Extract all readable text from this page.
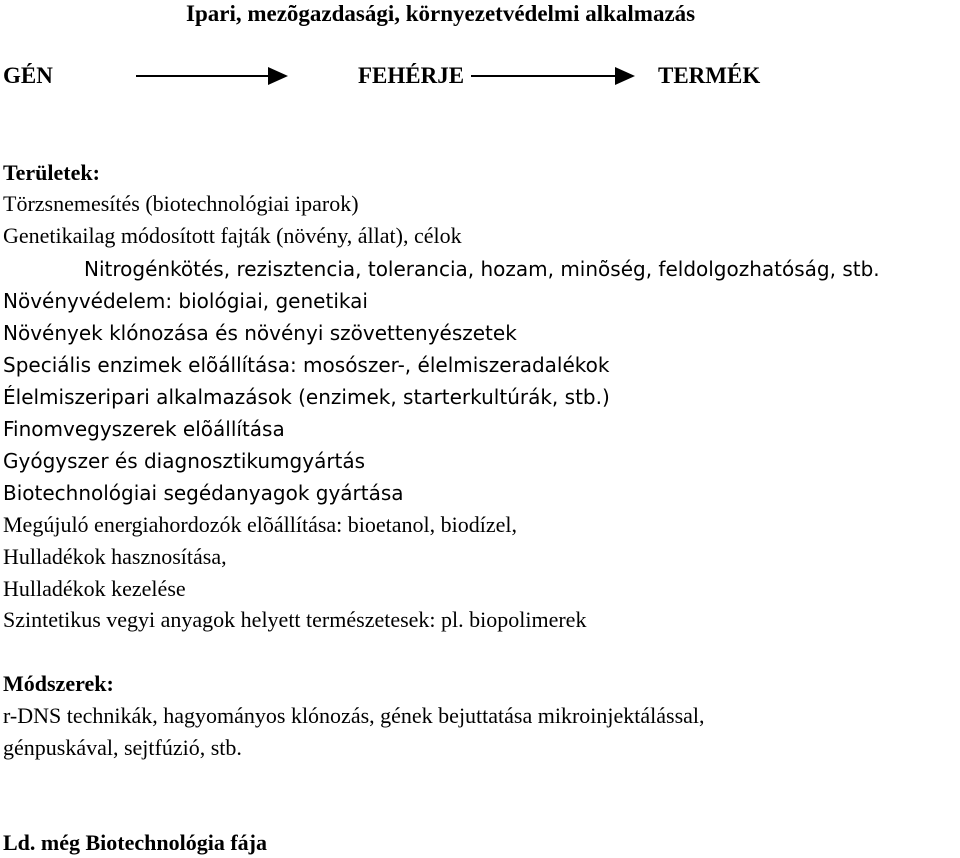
Ipari, mezõgazdasági, környezetvédelmi alkalmazás
GÉN	FEHÉRJE	TERMÉK
Területek:
Törzsnemesítés (biotechnológiai iparok)
Genetikailag módosított fajták (növény, állat), célok
Nitrogénkötés, rezisztencia, tolerancia, hozam, minõség, feldolgozhatóság, stb.
Növényvédelem: biológiai, genetikai
Növények klónozása és növényi szövettenyészetek
Speciális enzimek elõállítása: mosószer-, élelmiszeradalékok
Élelmiszeripari alkalmazások (enzimek, starterkultúrák, stb.)
Finomvegyszerek elõállítása
Gyógyszer és diagnosztikumgyártás
Biotechnológiai segédanyagok gyártása
Megújuló energiahordozók elõállítása: bioetanol, biodízel,
Hulladékok hasznosítása,
Hulladékok kezelése
Szintetikus vegyi anyagok helyett természetesek: pl. biopolimerek
Módszerek:
r-DNS technikák, hagyományos klónozás, gének bejuttatása mikroinjektálással,
génpuskával, sejtfúzió, stb.
Ld. még Biotechnológia fája
